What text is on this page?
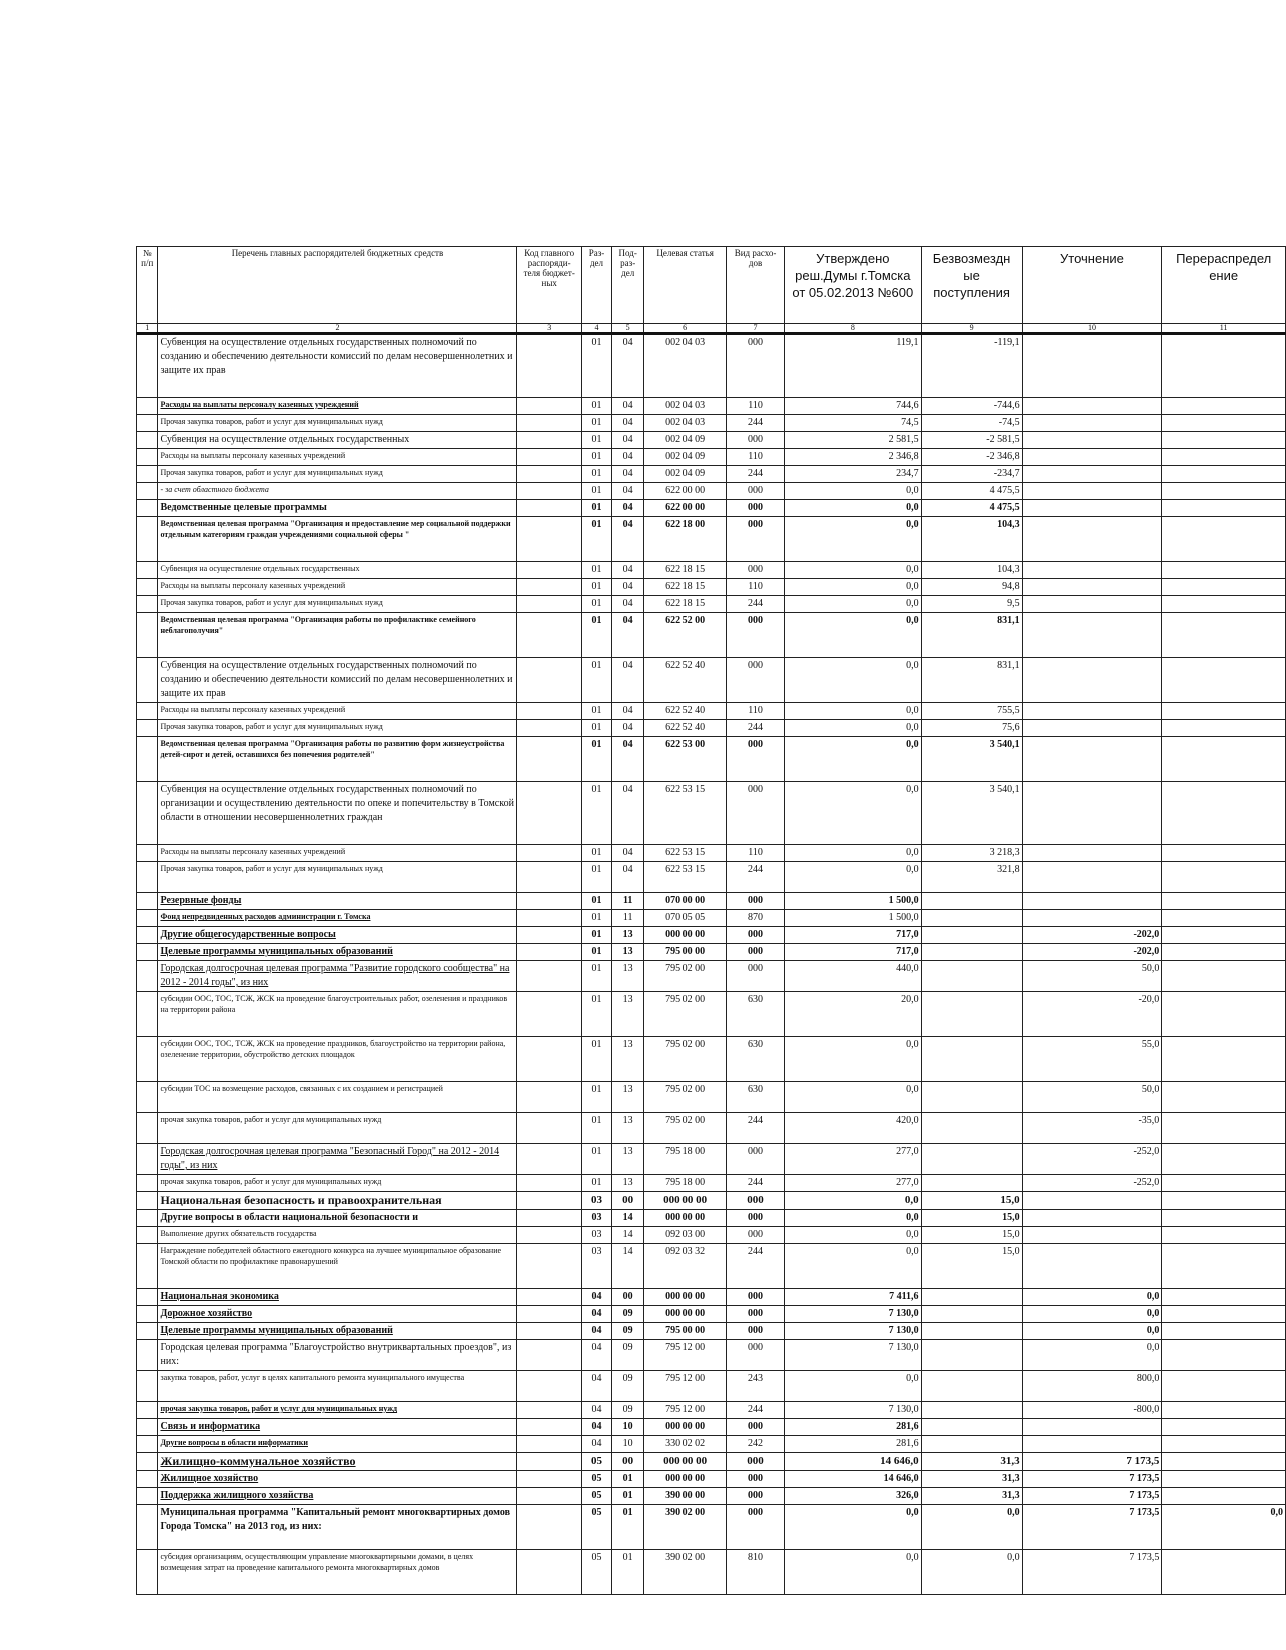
№ п/п	Перечень главных распорядителей бюджетных средств	Код главного распоряди- теля бюджет- ных	Раз- дел	Под- раз- дел	Целевая статья	Вид расхо- дов	Утверждено реш.Думы г.Томска от 05.02.2013 №600	Безвозмездн ые поступления	Уточнение	Перераспредел ение
1	2	3	4	5	6	7	8	9	10	11
	Субвенция на осуществление отдельных государственных полномочий по созданию и обеспечению деятельности комиссий по делам несовершеннолетних и защите их прав		01	04	002 04 03	000	119,1	-119,1		
	Расходы на выплаты персоналу казенных учреждений		01	04	002 04 03	110	744,6	-744,6		
	Прочая закупка товаров, работ и услуг для муниципальных нужд		01	04	002 04 03	244	74,5	-74,5		
	Субвенция на осуществление отдельных государственных		01	04	002 04 09	000	2 581,5	-2 581,5		
	Расходы на выплаты персоналу казенных учреждений		01	04	002 04 09	110	2 346,8	-2 346,8		
	Прочая закупка товаров, работ и услуг для муниципальных нужд		01	04	002 04 09	244	234,7	-234,7		
	- за счет областного бюджета		01	04	622 00 00	000	0,0	4 475,5		
	Ведомственные целевые программы		01	04	622 00 00	000	0,0	4 475,5		
	Ведомственная целевая программа "Организация и предоставление мер социальной поддержки отдельным категориям граждан учреждениями социальной сферы "		01	04	622 18 00	000	0,0	104,3		
	Субвенция на осуществление отдельных государственных		01	04	622 18 15	000	0,0	104,3		
	Расходы на выплаты персоналу казенных учреждений		01	04	622 18 15	110	0,0	94,8		
	Прочая закупка товаров, работ и услуг для муниципальных нужд		01	04	622 18 15	244	0,0	9,5		
	Ведомственная целевая программа "Организация работы по профилактике семейного неблагополучия"		01	04	622 52 00	000	0,0	831,1		
	Субвенция на осуществление отдельных государственных полномочий по созданию и обеспечению деятельности комиссий по делам несовершеннолетних и защите их прав		01	04	622 52 40	000	0,0	831,1		
	Расходы на выплаты персоналу казенных учреждений		01	04	622 52 40	110	0,0	755,5		
	Прочая закупка товаров, работ и услуг для муниципальных нужд		01	04	622 52 40	244	0,0	75,6		
	Ведомственная целевая программа "Организация работы по развитию форм жизнеустройства детей-сирот и детей, оставшихся без попечения родителей"		01	04	622 53 00	000	0,0	3 540,1		
	Субвенция на осуществление отдельных государственных полномочий по организации и осуществлению деятельности по опеке и попечительству в Томской области в отношении несовершеннолетних граждан		01	04	622 53 15	000	0,0	3 540,1		
	Расходы на выплаты персоналу казенных учреждений		01	04	622 53 15	110	0,0	3 218,3		
	Прочая закупка товаров, работ и услуг для муниципальных нужд		01	04	622 53 15	244	0,0	321,8		
	Резервные фонды		01	11	070 00 00	000	1 500,0			
	Фонд непредвиденных расходов администрации г. Томска		01	11	070 05 05	870	1 500,0			
	Другие общегосударственные вопросы		01	13	000 00 00	000	717,0		-202,0	
	Целевые программы муниципальных образований		01	13	795 00 00	000	717,0		-202,0	
	Городская долгосрочная целевая программа "Развитие городского сообщества" на 2012 - 2014 годы", из них		01	13	795 02 00	000	440,0		50,0	
	субсидии ООС, ТОС, ТСЖ, ЖСК на проведение благоустроительных работ, озеленения и праздников на территории района		01	13	795 02 00	630	20,0		-20,0	
	субсидии ООС, ТОС, ТСЖ, ЖСК на проведение праздников, благоустройство на территории района, озеленение территории, обустройство детских площадок		01	13	795 02 00	630	0,0		55,0	
	субсидии ТОС на возмещение расходов, связанных с их созданием и регистрацией		01	13	795 02 00	630	0,0		50,0	
	прочая закупка товаров, работ и услуг для муниципальных нужд		01	13	795 02 00	244	420,0		-35,0	
	Городская долгосрочная целевая программа "Безопасный Город" на 2012 - 2014 годы", из них		01	13	795 18 00	000	277,0		-252,0	
	прочая закупка товаров, работ и услуг для муниципальных нужд		01	13	795 18 00	244	277,0		-252,0	
	Национальная безопасность и правоохранительная		03	00	000 00 00	000	0,0	15,0		
	Другие вопросы в области национальной безопасности и		03	14	000 00 00	000	0,0	15,0		
	Выполнение других обязательств государства		03	14	092 03 00	000	0,0	15,0		
	Награждение победителей областного ежегодного конкурса на лучшее муниципальное образование Томской области по профилактике правонарушений		03	14	092 03 32	244	0,0	15,0		
	Национальная экономика		04	00	000 00 00	000	7 411,6		0,0	
	Дорожное хозяйство		04	09	000 00 00	000	7 130,0		0,0	
	Целевые программы муниципальных образований		04	09	795 00 00	000	7 130,0		0,0	
	Городская целевая программа "Благоустройство внутриквартальных проездов", из них:		04	09	795 12 00	000	7 130,0		0,0	
	закупка товаров, работ, услуг в целях капитального ремонта муниципального имущества		04	09	795 12 00	243	0,0		800,0	
	прочая закупка товаров, работ и услуг для муниципальных нужд		04	09	795 12 00	244	7 130,0		-800,0	
	Связь и информатика		04	10	000 00 00	000	281,6			
	Другие вопросы в области информатики		04	10	330 02 02	242	281,6			
	Жилищно-коммунальное хозяйство		05	00	000 00 00	000	14 646,0	31,3	7 173,5	
	Жилищное хозяйство		05	01	000 00 00	000	14 646,0	31,3	7 173,5	
	Поддержка жилищного хозяйства		05	01	390 00 00	000	326,0	31,3	7 173,5	
	Муниципальная программа "Капитальный ремонт многоквартирных домов Города Томска" на 2013 год, из них:		05	01	390 02 00	000	0,0	0,0	7 173,5	0,0
	субсидия организациям, осуществляющим управление многоквартирными домами, в целях возмещения затрат на проведение капитального ремонта многоквартирных домов		05	01	390 02 00	810	0,0	0,0	7 173,5	
